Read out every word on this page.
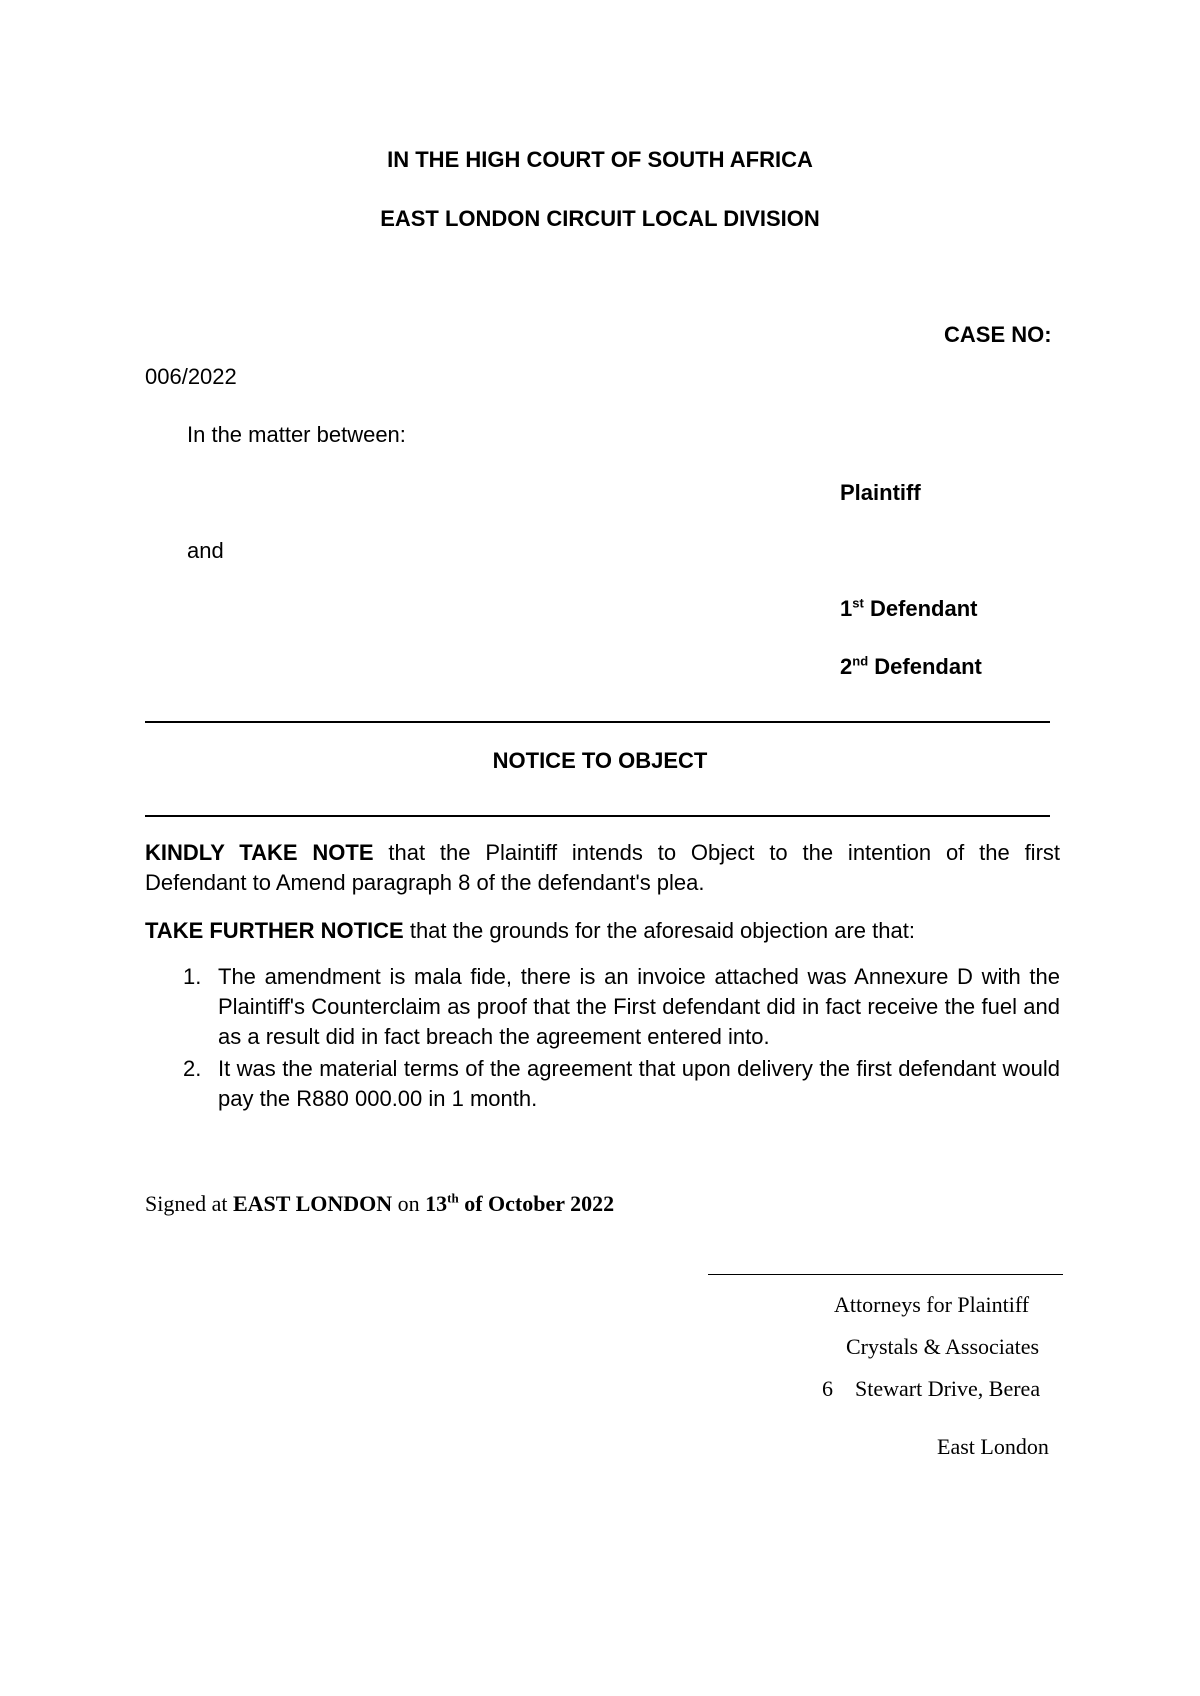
IN THE HIGH COURT OF SOUTH AFRICA
EAST LONDON CIRCUIT LOCAL DIVISION
CASE NO:
006/2022
In the matter between:
Plaintiff
and
1st Defendant
2nd Defendant
NOTICE TO OBJECT
KINDLY TAKE NOTE that the Plaintiff intends to Object to the intention of the first
Defendant to Amend paragraph 8 of the defendant's plea.
TAKE FURTHER NOTICE that the grounds for the aforesaid objection are that:
1. The amendment is mala fide, there is an invoice attached was Annexure D with the Plaintiff's Counterclaim as proof that the First defendant did in fact receive the fuel and as a result did in fact breach the agreement entered into.
2. It was the material terms of the agreement that upon delivery the first defendant would pay the R880 000.00 in 1 month.
Signed at EAST LONDON on 13th of October 2022
Attorneys for Plaintiff
Crystals & Associates
6 Stewart Drive, Berea
East London
